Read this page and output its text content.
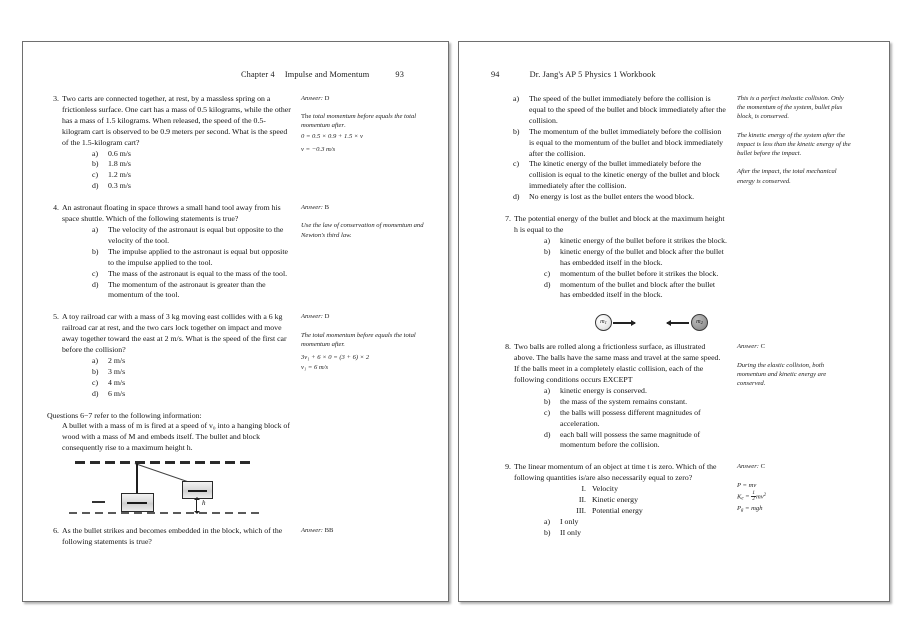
Chapter 4 Impulse and Momentum	93
3. Two carts are connected together, at rest, by a massless spring on a frictionless surface. One cart has a mass of 0.5 kilograms, while the other has a mass of 1.5 kilograms. When released, the speed of the 0.5-kilogram cart is observed to be 0.9 meters per second. What is the speed of the 1.5-kilogram cart?
a)	0.6 m/s
b)	1.8 m/s
c)	1.2 m/s
d)	0.3 m/s
Answer: D
The total momentum before equals the total momentum after.
0 = 0.5 × 0.9 + 1.5 × v
v = −0.3 m/s
4. An astronaut floating in space throws a small hand tool away from his space shuttle. Which of the following statements is true?
a)	The velocity of the astronaut is equal but opposite to the velocity of the tool.
b)	The impulse applied to the astronaut is equal but opposite to the impulse applied to the tool.
c)	The mass of the astronaut is equal to the mass of the tool.
d)	The momentum of the astronaut is greater than the momentum of the tool.
Answer: B
Use the law of conservation of momentum and Newton's third law.
5. A toy railroad car with a mass of 3 kg moving east collides with a 6 kg railroad car at rest, and the two cars lock together on impact and move away together toward the east at 2 m/s. What is the speed of the first car before the collision?
a)	2 m/s
b)	3 m/s
c)	4 m/s
d)	6 m/s
Answer: D
The total momentum before equals the total momentum after.
3v₁ + 6 × 0 = (3 + 6) × 2
v₁ = 6 m/s
Questions 6−7 refer to the following information:
A bullet with a mass of m is fired at a speed of v₀ into a hanging block of wood with a mass of M and embeds itself. The bullet and block consequently rise to a maximum height h.
h
6. As the bullet strikes and becomes embedded in the block, which of the following statements is true?
Answer: BB
94	Dr. Jang's AP 5 Physics 1 Workbook
a)	The speed of the bullet immediately before the collision is equal to the speed of the bullet and block immediately after the collision.
b)	The momentum of the bullet immediately before the collision is equal to the momentum of the bullet and block immediately after the collision.
c)	The kinetic energy of the bullet immediately before the collision is equal to the kinetic energy of the bullet and block immediately after the collision.
d)	No energy is lost as the bullet enters the wood block.
This is a perfect inelastic collision. Only the momentum of the system, bullet plus block, is conserved.
The kinetic energy of the system after the impact is less than the kinetic energy of the bullet before the impact.
After the impact, the total mechanical energy is conserved.
7. The potential energy of the bullet and block at the maximum height h is equal to the
a)	kinetic energy of the bullet before it strikes the block.
b)	kinetic energy of the bullet and block after the bullet has embedded itself in the block.
c)	momentum of the bullet before it strikes the block.
d)	momentum of the bullet and block after the bullet has embedded itself in the block.
m 1	m 2
8. Two balls are rolled along a frictionless surface, as illustrated above. The balls have the same mass and travel at the same speed. If the balls meet in a completely elastic collision, each of the following conditions occurs EXCEPT
a)	kinetic energy is conserved.
b)	the mass of the system remains constant.
c)	the balls will possess different magnitudes of acceleration.
d)	each ball will possess the same magnitude of momentum before the collision.
Answer: C
During the elastic collision, both momentum and kinetic energy are conserved.
9. The linear momentum of an object at time t is zero. Which of the following quantities is/are also necessarily equal to zero?
I. Velocity
II. Kinetic energy
III. Potential energy
a)	I only
b)	II only
Answer: C
P = mv
$K_e = \frac{1}{2} mv^2$
$P_g$ = mgh
